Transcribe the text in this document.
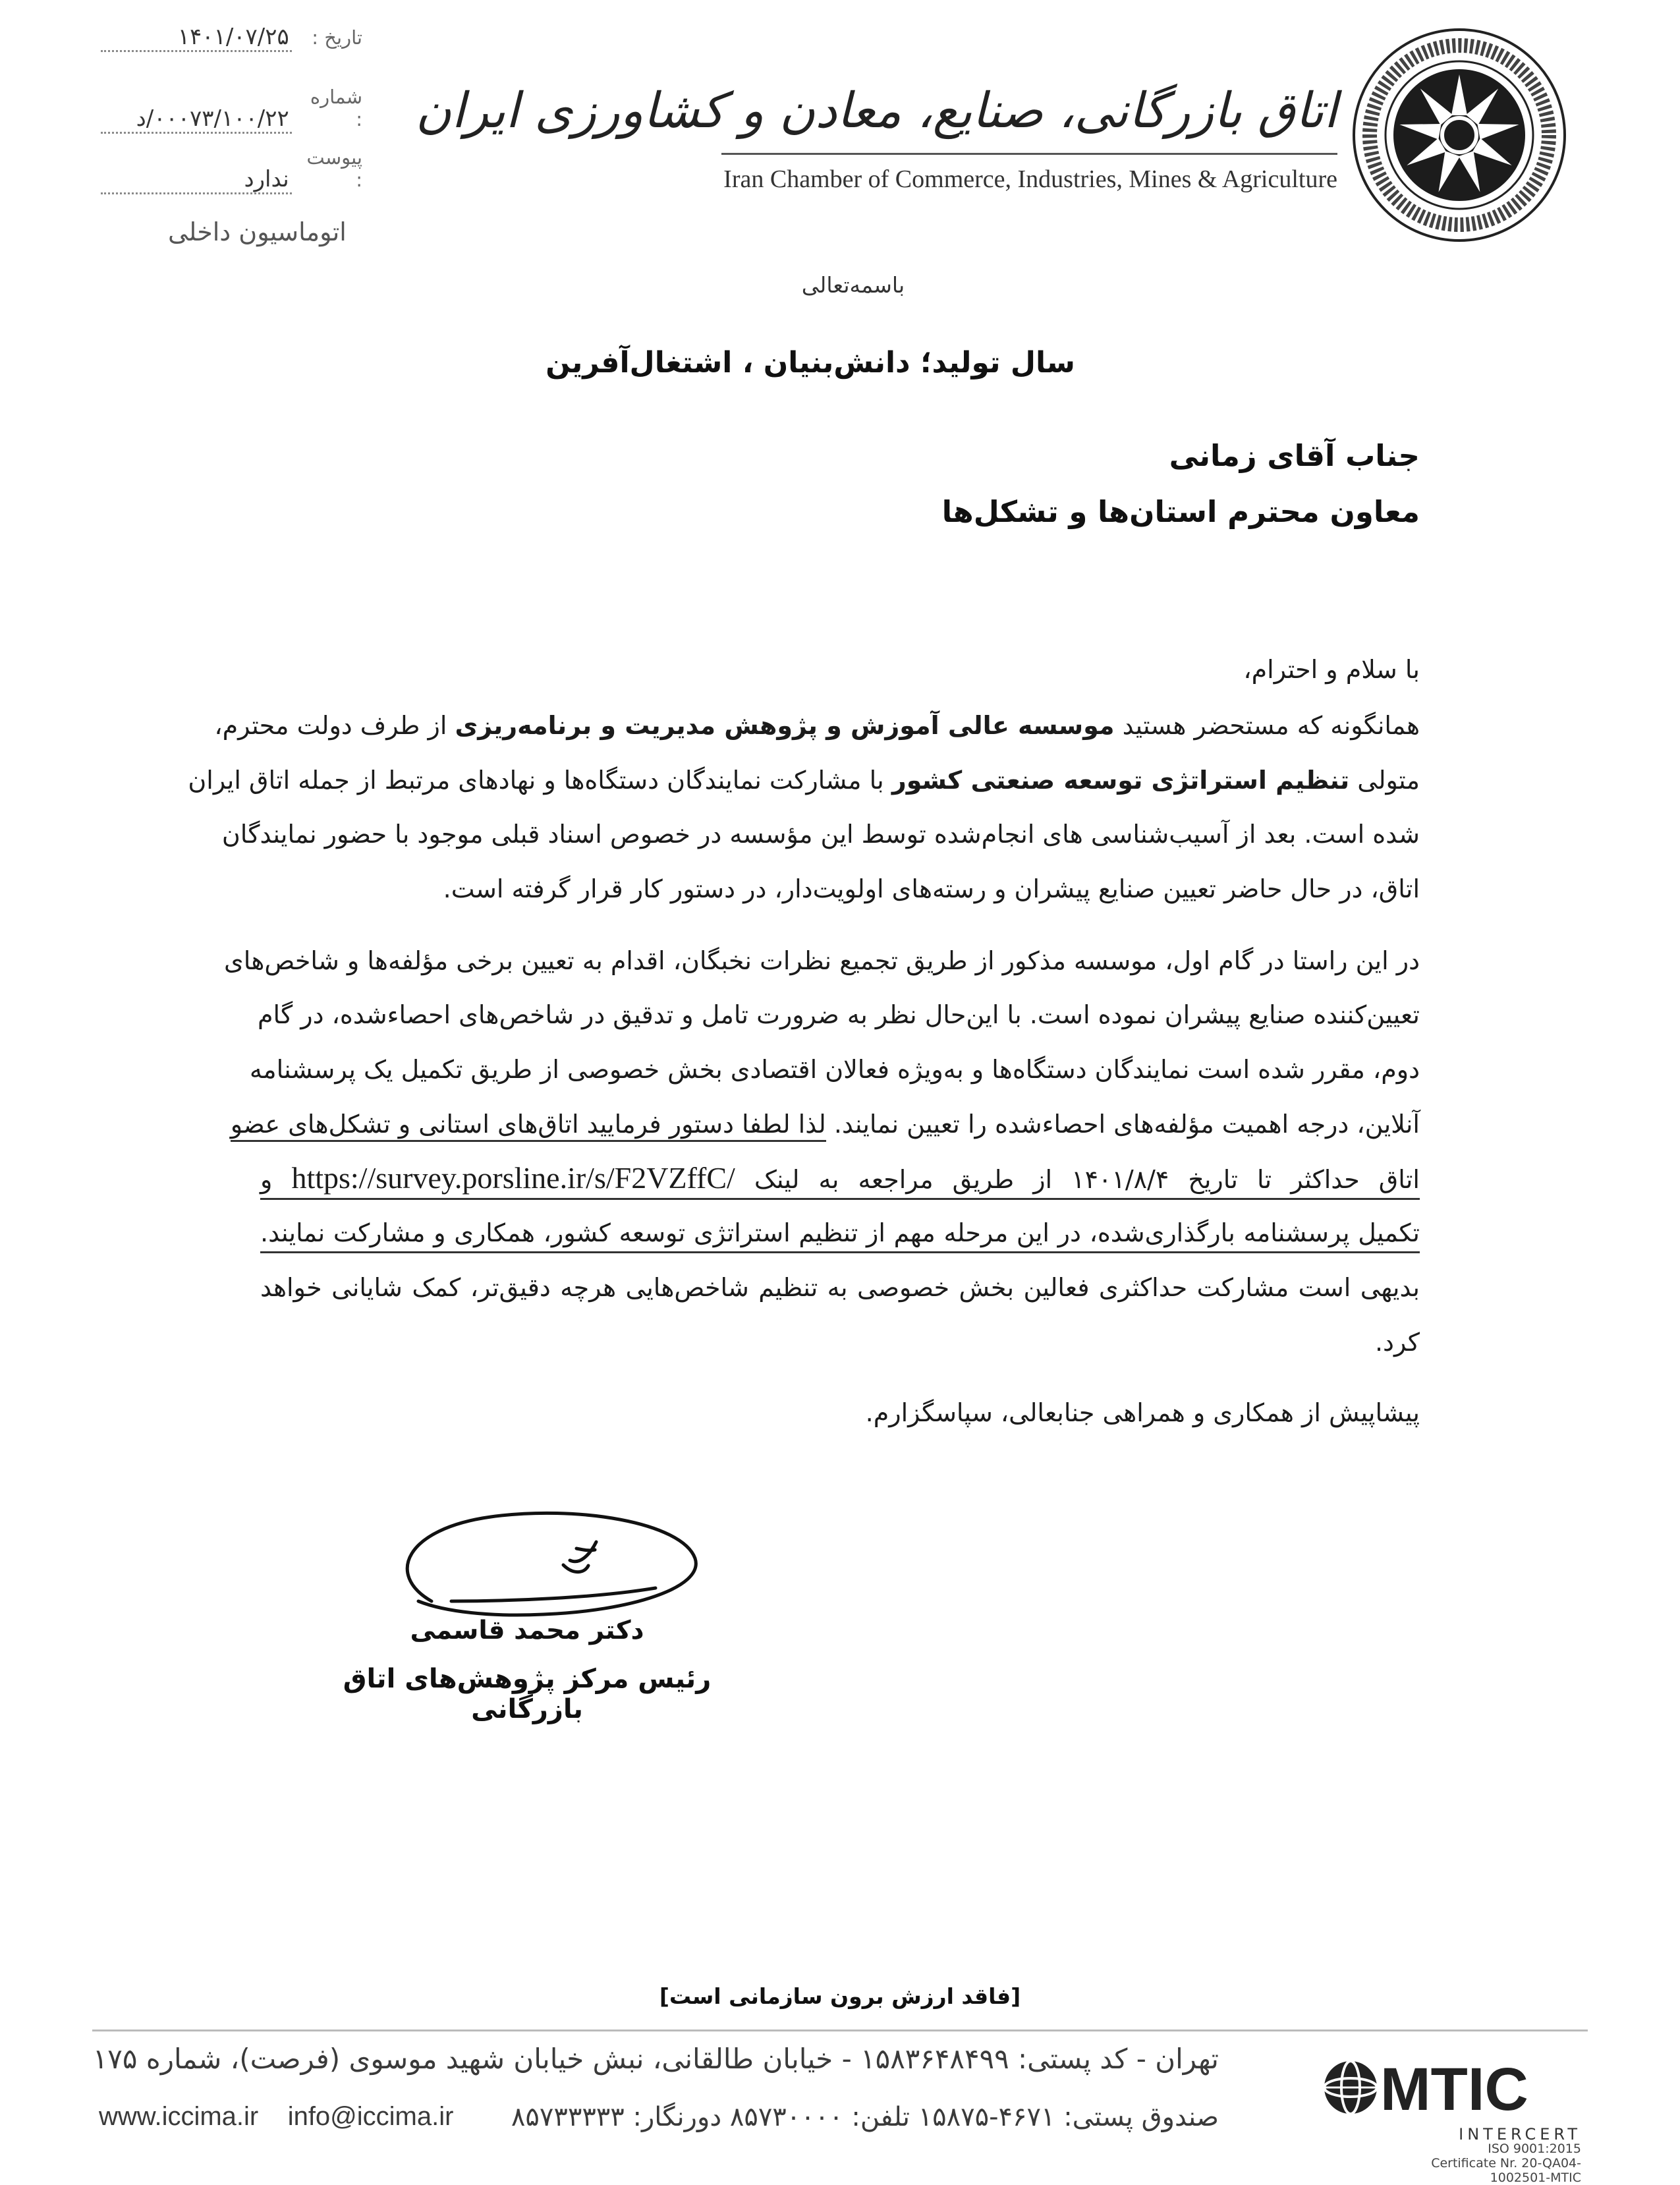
اتاق بازرگانی، صنایع، معادن و کشاورزی ایران
Iran Chamber of Commerce, Industries, Mines & Agriculture
تاریخ : ۱۴۰۱/۰۷/۲۵
شماره : ۰۰۰۷۳/۱۰۰/۲۲/د
پیوست : ندارد
اتوماسیون داخلی
باسمه‌تعالی
سال تولید؛ دانش‌بنیان ، اشتغال‌آفرین
جناب آقای زمانی
معاون محترم استان‌ها و تشکل‌ها
با سلام و احترام،
همانگونه که مستحضر هستید موسسه عالی آموزش و پژوهش مدیریت و برنامه‌ریزی از طرف دولت محترم،
متولی تنظیم استراتژی توسعه صنعتی کشور با مشارکت نمایندگان دستگاه‌ها و نهادهای مرتبط از جمله اتاق ایران
شده است. بعد از آسیب‌شناسی های انجام‌شده توسط این مؤسسه در خصوص اسناد قبلی موجود با حضور نمایندگان
اتاق، در حال حاضر تعیین صنایع پیشران و رسته‌های اولویت‌دار، در دستور کار قرار گرفته است.
در این راستا در گام اول، موسسه مذکور از طریق تجمیع نظرات نخبگان، اقدام به تعیین برخی مؤلفه‌ها و شاخص‌های
تعیین‌کننده صنایع پیشران نموده است. با این‌حال نظر به ضرورت تامل و تدقیق در شاخص‌های احصاءشده، در گام
دوم، مقرر شده است نمایندگان دستگاه‌ها و به‌ویژه فعالان اقتصادی بخش خصوصی از طریق تکمیل یک پرسشنامه
آنلاین، درجه اهمیت مؤلفه‌های احصاءشده را تعیین نمایند. لذا لطفا دستور فرمایید اتاق‌های استانی و تشکل‌های عضو
اتاق حداکثر تا تاریخ ۱۴۰۱/۸/۴ از طریق مراجعه به لینک https://survey.porsline.ir/s/F2VZffC/ و
تکمیل پرسشنامه بارگذاری‌شده، در این مرحله مهم از تنظیم استراتژی توسعه کشور، همکاری و مشارکت نمایند.
بدیهی است مشارکت حداکثری فعالین بخش خصوصی به تنظیم شاخص‌هایی هرچه دقیق‌تر، کمک شایانی خواهد
کرد.
پیشاپیش از همکاری و همراهی جنابعالی، سپاسگزارم.
دکتر محمد قاسمی
رئیس مرکز پژوهش‌های اتاق بازرگانی
[فاقد ارزش برون سازمانی است]
تهران - کد پستی: ۱۵۸۳۶۴۸۴۹۹ - خیابان طالقانی، نبش خیابان شهید موسوی (فرصت)، شماره ۱۷۵
صندوق پستی: ۴۶۷۱-۱۵۸۷۵ تلفن: ۸۵۷۳۰۰۰۰ دورنگار: ۸۵۷۳۳۳۳۳
www.iccima.ir info@iccima.ir	MTIC
INTERCERT
ISO 9001:2015
Certificate Nr. 20-QA04-1002501-MTIC
